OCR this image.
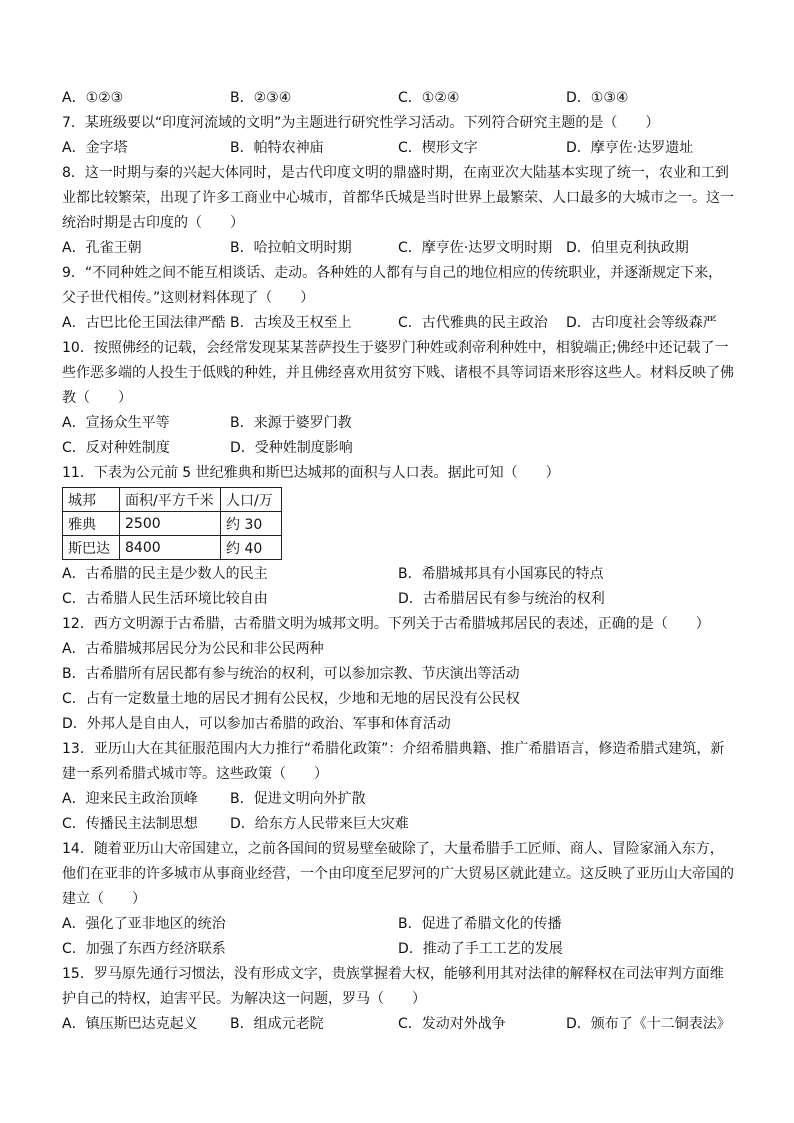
A．①②③	B．②③④	C．①②④	D．①③④
7．某班级要以“印度河流域的文明”为主题进行研究性学习活动。下列符合研究主题的是（　　）
A．金字塔	B．帕特农神庙	C．楔形文字	D．摩亨佐·达罗遗址
8．这一时期与秦的兴起大体同时，是古代印度文明的鼎盛时期，在南亚次大陆基本实现了统一，农业和工到业都比较繁荣，出现了许多工商业中心城市，首都华氏城是当时世界上最繁荣、人口最多的大城市之一。这一统治时期是古印度的（　　）
A．孔雀王朝	B．哈拉帕文明时期	C．摩亨佐·达罗文明时期 D．伯里克利执政期
9．“不同种姓之间不能互相谈话、走动。各种姓的人都有与自己的地位相应的传统职业，并逐渐规定下来，父子世代相传。”这则材料体现了（　　）
A．古巴比伦王国法律严酷 B．古埃及王权至上	C．古代雅典的民主政治	D．古印度社会等级森严
10．按照佛经的记载，会经常发现某某菩萨投生于婆罗门种姓或刹帝利种姓中，相貌端正;佛经中还记载了一些作恶多端的人投生于低贱的种姓，并且佛经喜欢用贫穷下贱、诸根不具等词语来形容这些人。材料反映了佛教（　　）
A．宣扬众生平等	B．来源于婆罗门教
C．反对种姓制度	D．受种姓制度影响
11．下表为公元前 5 世纪雅典和斯巴达城邦的面积与人口表。据此可知（　　）
城邦	面积/平方千米	人口/万
雅典	2500	约 30
斯巴达	8400	约 40
A．古希腊的民主是少数人的民主	B．希腊城邦具有小国寡民的特点
C．古希腊人民生活环境比较自由	D．古希腊居民有参与统治的权利
12．西方文明源于古希腊，古希腊文明为城邦文明。下列关于古希腊城邦居民的表述，正确的是（　　）
A．古希腊城邦居民分为公民和非公民两种
B．古希腊所有居民都有参与统治的权利，可以参加宗教、节庆演出等活动
C．占有一定数量土地的居民才拥有公民权，少地和无地的居民没有公民权
D．外邦人是自由人，可以参加古希腊的政治、军事和体育活动
13．亚历山大在其征服范围内大力推行“希腊化政策”：介绍希腊典籍、推广希腊语言，修造希腊式建筑，新建一系列希腊式城市等。这些政策（　　）
A．迎来民主政治顶峰	B．促进文明向外扩散
C．传播民主法制思想	D．给东方人民带来巨大灾难
14．随着亚历山大帝国建立，之前各国间的贸易壁垒破除了，大量希腊手工匠师、商人、冒险家涌入东方，他们在亚非的许多城市从事商业经营，一个由印度至尼罗河的广大贸易区就此建立。这反映了亚历山大帝国的建立（　　）
A．强化了亚非地区的统治	B．促进了希腊文化的传播
C．加强了东西方经济联系	D．推动了手工工艺的发展
15．罗马原先通行习惯法，没有形成文字，贵族掌握着大权，能够利用其对法律的解释权在司法审判方面维护自己的特权，迫害平民。为解决这一问题，罗马（　　）
A．镇压斯巴达克起义	B．组成元老院	C．发动对外战争	D．颁布了《十二铜表法》
